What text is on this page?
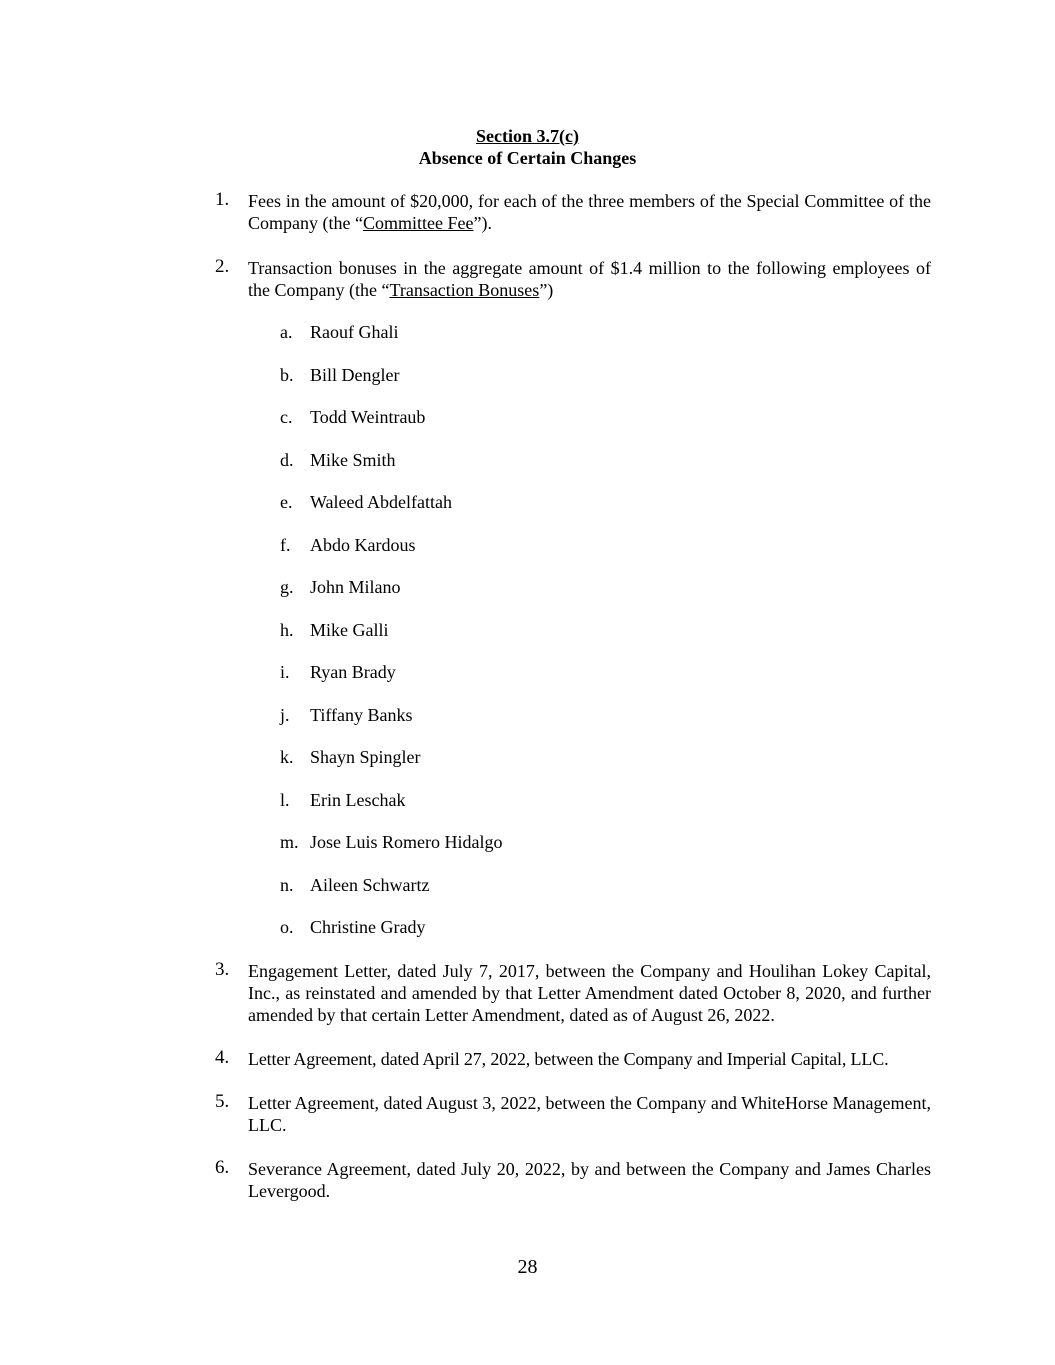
Section 3.7(c)
Absence of Certain Changes
1. Fees in the amount of $20,000, for each of the three members of the Special Committee of the Company (the “Committee Fee”).
2. Transaction bonuses in the aggregate amount of $1.4 million to the following employees of the Company (the “Transaction Bonuses”)
a. Raouf Ghali
b. Bill Dengler
c. Todd Weintraub
d. Mike Smith
e. Waleed Abdelfattah
f. Abdo Kardous
g. John Milano
h. Mike Galli
i. Ryan Brady
j. Tiffany Banks
k. Shayn Spingler
l. Erin Leschak
m. Jose Luis Romero Hidalgo
n. Aileen Schwartz
o. Christine Grady
3. Engagement Letter, dated July 7, 2017, between the Company and Houlihan Lokey Capital, Inc., as reinstated and amended by that Letter Amendment dated October 8, 2020, and further amended by that certain Letter Amendment, dated as of August 26, 2022.
4. Letter Agreement, dated April 27, 2022, between the Company and Imperial Capital, LLC.
5. Letter Agreement, dated August 3, 2022, between the Company and WhiteHorse Management, LLC.
6. Severance Agreement, dated July 20, 2022, by and between the Company and James Charles Levergood.
28
